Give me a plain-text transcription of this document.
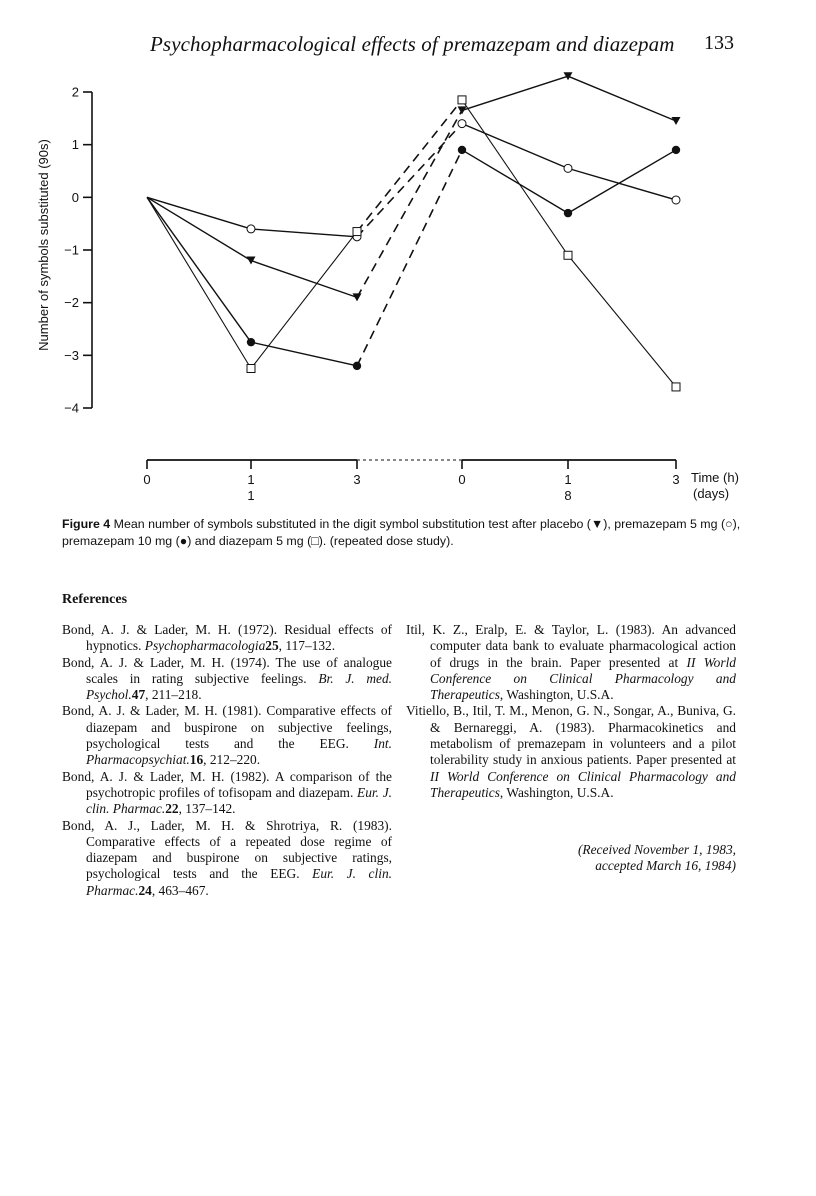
Psychopharmacological effects of premazepam and diazepam	133
Number of symbols substituted (90s)
2
1
0
−1
−2
−3
−4
0	1	3	0	1	3
1	8
Time (h)
(days)
Figure 4 Mean number of symbols substituted in the digit symbol substitution test after placebo (▼), premazepam 5 mg (○), premazepam 10 mg (●) and diazepam 5 mg (□). (repeated dose study).
References
Bond, A. J. & Lader, M. H. (1972). Residual effects of hypnotics. Psychopharmacologia25, 117–132.
Bond, A. J. & Lader, M. H. (1974). The use of analogue scales in rating subjective feelings. Br. J. med. Psychol.47, 211–218.
Bond, A. J. & Lader, M. H. (1981). Comparative effects of diazepam and buspirone on subjective feelings, psychological tests and the EEG. Int. Pharmacopsychiat.16, 212–220.
Bond, A. J. & Lader, M. H. (1982). A comparison of the psychotropic profiles of tofisopam and diazepam. Eur. J. clin. Pharmac.22, 137–142.
Bond, A. J., Lader, M. H. & Shrotriya, R. (1983). Comparative effects of a repeated dose regime of diazepam and buspirone on subjective ratings, psychological tests and the EEG. Eur. J. clin. Pharmac.24, 463–467.
Itil, K. Z., Eralp, E. & Taylor, L. (1983). An advanced computer data bank to evaluate pharmacological action of drugs in the brain. Paper presented at II World Conference on Clinical Pharmacology and Therapeutics, Washington, U.S.A.
Vitiello, B., Itil, T. M., Menon, G. N., Songar, A., Buniva, G. & Bernareggi, A. (1983). Pharmacokinetics and metabolism of premazepam in volunteers and a pilot tolerability study in anxious patients. Paper presented at II World Conference on Clinical Pharmacology and Therapeutics, Washington, U.S.A.
(Received November 1, 1983,
accepted March 16, 1984)
